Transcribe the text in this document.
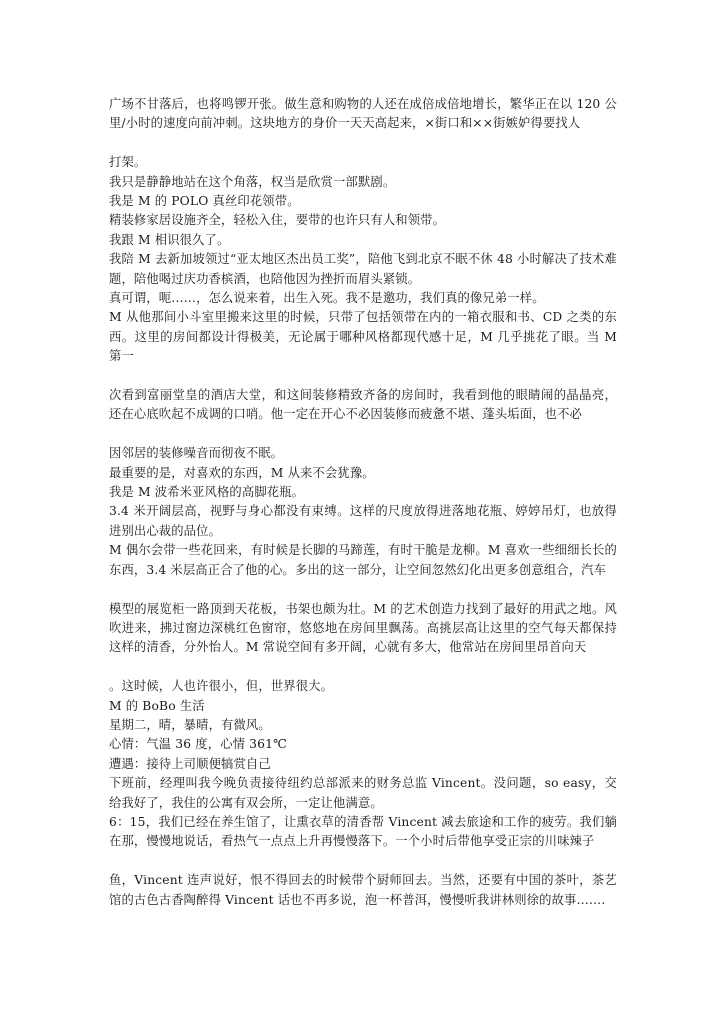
广场不甘落后，也将鸣锣开张。做生意和购物的人还在成倍成倍地增长，繁华正在以 120 公里/小时的速度向前冲刺。这块地方的身价一天天高起来，×街口和××街嫉妒得要找人
打架。
我只是静静地站在这个角落，权当是欣赏一部默剧。
我是 M 的 POLO 真丝印花领带。
精装修家居设施齐全，轻松入住，要带的也许只有人和领带。
我跟 M 相识很久了。
我陪 M 去新加坡领过“亚太地区杰出员工奖”，陪他飞到北京不眠不休 48 小时解决了技术难题，陪他喝过庆功香槟酒，也陪他因为挫折而眉头紧锁。
真可谓，呃……，怎么说来着，出生入死。我不是邀功，我们真的像兄弟一样。
M 从他那间小斗室里搬来这里的时候，只带了包括领带在内的一箱衣服和书、CD 之类的东西。这里的房间都设计得极美，无论属于哪种风格都现代感十足，M 几乎挑花了眼。当 M 第一
次看到富丽堂皇的酒店大堂，和这间装修精致齐备的房间时，我看到他的眼睛闹的晶晶亮，还在心底吹起不成调的口哨。他一定在开心不必因装修而疲惫不堪、蓬头垢面，也不必
因邻居的装修噪音而彻夜不眠。
最重要的是，对喜欢的东西，M 从来不会犹豫。
我是 M 波希米亚风格的高脚花瓶。
3.4 米开阔层高，视野与身心都没有束缚。这样的尺度放得进落地花瓶、婷婷吊灯，也放得进别出心裁的品位。
M 偶尔会带一些花回来，有时候是长脚的马蹄莲，有时干脆是龙柳。M 喜欢一些细细长长的东西，3.4 米层高正合了他的心。多出的这一部分，让空间忽然幻化出更多创意组合，汽车
模型的展览柜一路顶到天花板，书架也颇为壮。M 的艺术创造力找到了最好的用武之地。风吹进来，拂过窗边深桃红色窗帘，悠悠地在房间里飘荡。高挑层高让这里的空气每天都保持这样的清香，分外怡人。M 常说空间有多开阔，心就有多大，他常站在房间里昂首向天
。这时候，人也许很小，但，世界很大。
M 的 BoBo 生活
星期二，晴，暴晴，有微风。
心情：气温 36 度，心情 361℃
遭遇：接待上司顺便犒赏自己
下班前，经理叫我今晚负责接待纽约总部派来的财务总监 Vincent。没问题，so easy，交给我好了，我住的公寓有双会所，一定让他满意。
6：15，我们已经在养生馆了，让熏衣草的清香帮 Vincent 减去旅途和工作的疲劳。我们躺在那，慢慢地说话，看热气一点点上升再慢慢落下。一个小时后带他享受正宗的川味辣子
鱼，Vincent 连声说好，恨不得回去的时候带个厨师回去。当然，还要有中国的茶叶，茶艺馆的古色古香陶醉得 Vincent 话也不再多说，泡一杯普洱，慢慢听我讲林则徐的故事…….
